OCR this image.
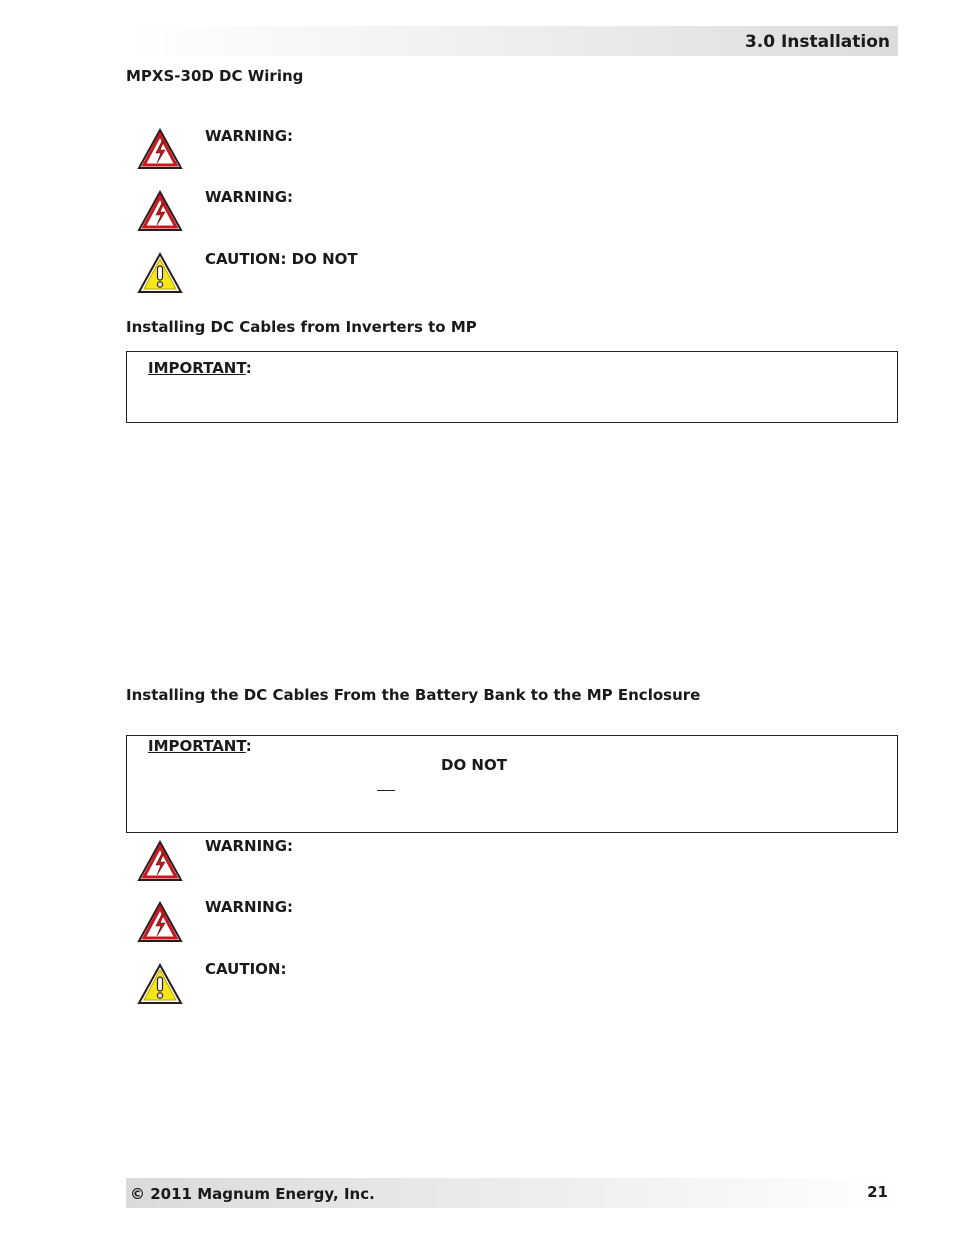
3.0 Installation
MPXS-30D DC Wiring
WARNING:
WARNING:
CAUTION: DO NOT
Installing DC Cables from Inverters to MP
IMPORTANT:
Installing the DC Cables From the Battery Bank to the MP Enclosure
IMPORTANT:
DO NOT
WARNING:
WARNING:
CAUTION:
© 2011 Magnum Energy, Inc.	21
